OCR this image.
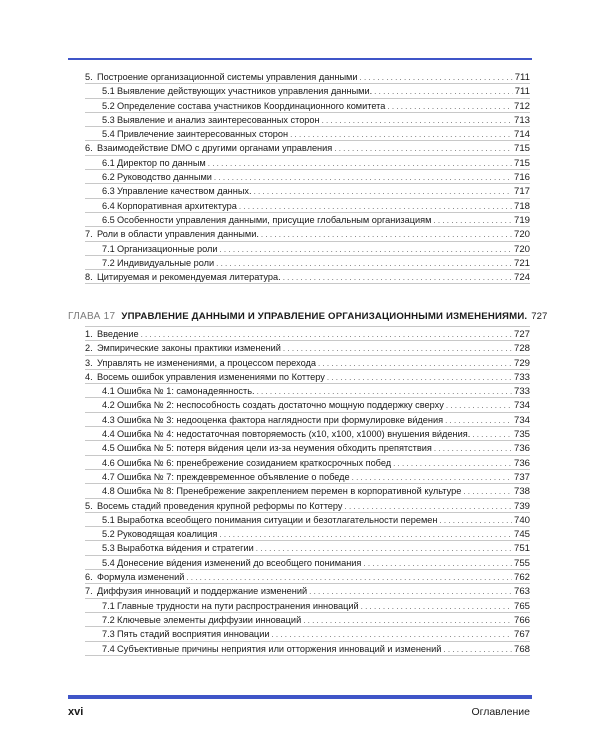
5. Построение организационной системы управления данными . . .	711
5.1 Выявление действующих участников управления данными. . . .	711
5.2 Определение состава участников Координационного комитета . . .	712
5.3 Выявление и анализ заинтересованных сторон . . .	713
5.4 Привлечение заинтересованных сторон . . .	714
6. Взаимодействие DMO с другими органами управления . . .	715
6.1 Директор по данным . . .	715
6.2 Руководство данными . . .	716
6.3 Управление качеством данных. . . .	717
6.4 Корпоративная архитектура . . .	718
6.5 Особенности управления данными, присущие глобальным организациям . . .	719
7. Роли в области управления данными. . . .	720
7.1 Организационные роли . . .	720
7.2 Индивидуальные роли . . .	721
8. Цитируемая и рекомендуемая литература. . . .	724
ГЛАВА 17 УПРАВЛЕНИЕ ДАННЫМИ И УПРАВЛЕНИЕ ОРГАНИЗАЦИОННЫМИ ИЗМЕНЕНИЯМИ. 727
1. Введение . . .	727
2. Эмпирические законы практики изменений . . .	728
3. Управлять не изменениями, а процессом перехода . . .	729
4. Восемь ошибок управления изменениями по Коттеру . . .	733
4.1 Ошибка № 1: самонадеянность. . . .	733
4.2 Ошибка № 2: неспособность создать достаточно мощную поддержку сверху . . .	734
4.3 Ошибка № 3: недооценка фактора наглядности при формулировке ви́дения . . .	734
4.4 Ошибка № 4: недостаточная повторяемость (x10, x100, x1000) внушения ви́дения. . . .	735
4.5 Ошибка № 5: потеря ви́дения цели из-за неумения обходить препятствия . . .	736
4.6 Ошибка № 6: пренебрежение созиданием краткосрочных побед . . .	736
4.7 Ошибка № 7: преждевременное объявление о победе . . .	737
4.8 Ошибка № 8: Пренебрежение закреплением перемен в корпоративной культуре . . .	738
5. Восемь стадий проведения крупной реформы по Коттеру . . .	739
5.1 Выработка всеобщего понимания ситуации и безотлагательности перемен . . .	740
5.2 Руководящая коалиция . . .	745
5.3 Выработка ви́дения и стратегии . . .	751
5.4 Донесение ви́дения изменений до всеобщего понимания . . .	755
6. Формула изменений . . .	762
7. Диффузия инноваций и поддержание изменений . . .	763
7.1 Главные трудности на пути распространения инноваций . . .	765
7.2 Ключевые элементы диффузии инноваций . . .	766
7.3 Пять стадий восприятия инновации . . .	767
7.4 Субъективные причины неприятия или отторжения инноваций и изменений . . .	768
xvi	Оглавление
